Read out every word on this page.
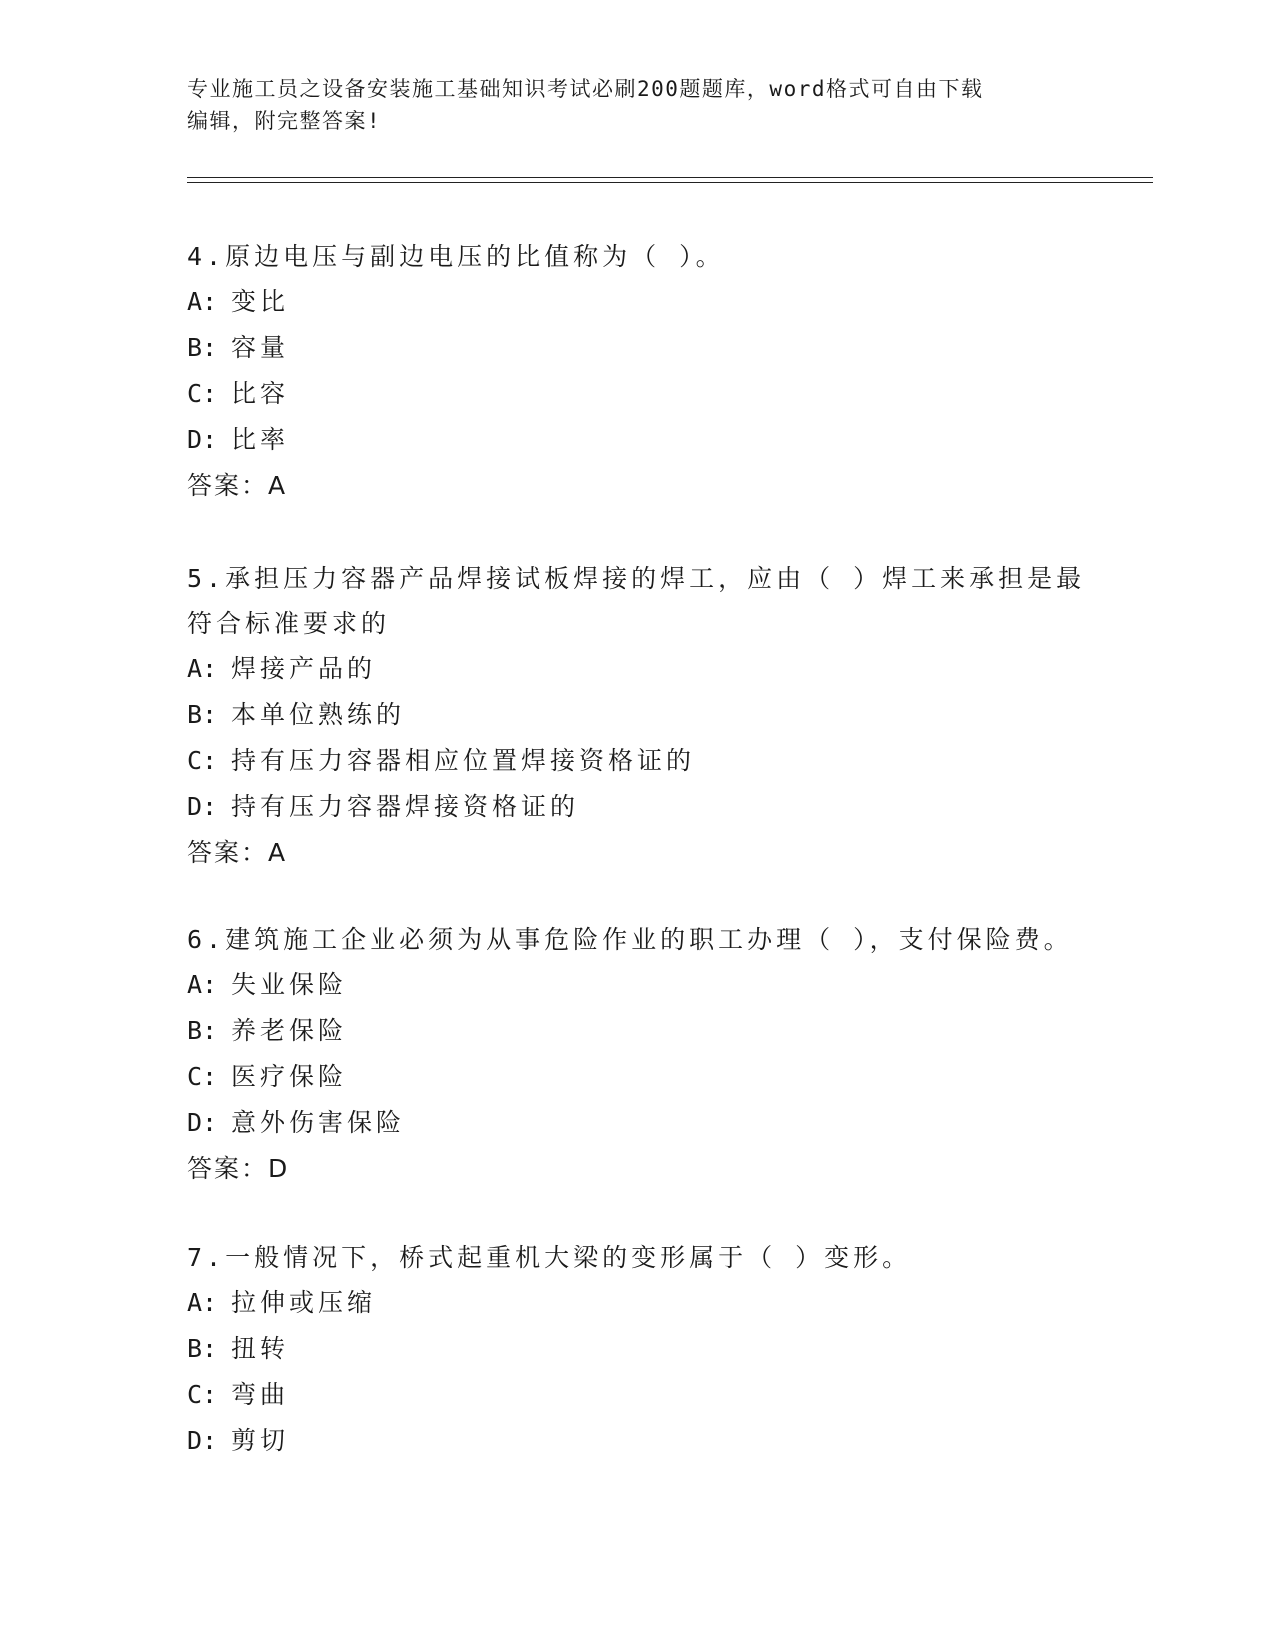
专业施工员之设备安装施工基础知识考试必刷200题题库，word格式可自由下载
编辑，附完整答案!
4.原边电压与副边电压的比值称为（ ）。
A: 变比
B: 容量
C: 比容
D: 比率
答案：A
5.承担压力容器产品焊接试板焊接的焊工，应由（ ）焊工来承担是最
符合标准要求的
A: 焊接产品的
B: 本单位熟练的
C: 持有压力容器相应位置焊接资格证的
D: 持有压力容器焊接资格证的
答案：A
6.建筑施工企业必须为从事危险作业的职工办理（ ），支付保险费。
A: 失业保险
B: 养老保险
C: 医疗保险
D: 意外伤害保险
答案：D
7.一般情况下，桥式起重机大梁的变形属于（ ）变形。
A: 拉伸或压缩
B: 扭转
C: 弯曲
D: 剪切
